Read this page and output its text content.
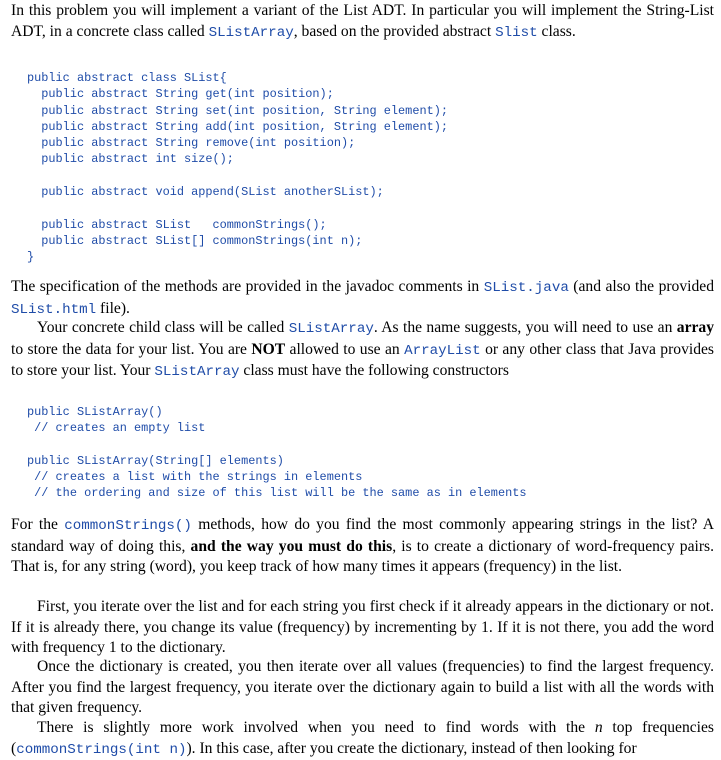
In this problem you will implement a variant of the List ADT. In particular you will implement the String-List ADT, in a concrete class called SListArray, based on the provided abstract Slist class.

public abstract class SList{
public abstract String get(int position);
public abstract String set(int position, String element);
public abstract String add(int position, String element);
public abstract String remove(int position);
public abstract int size();

public abstract void append(SList anotherSList);

public abstract SList   commonStrings();
public abstract SList[] commonStrings(int n);
}

The specification of the methods are provided in the javadoc comments in SList.java (and also the provided SList.html file).

Your concrete child class will be called SListArray. As the name suggests, you will need to use an array to store the data for your list. You are NOT allowed to use an ArrayList or any other class that Java provides to store your list. Your SListArray class must have the following constructors

public SListArray()
// creates an empty list

public SListArray(String[] elements)
// creates a list with the strings in elements
// the ordering and size of this list will be the same as in elements

For the commonStrings() methods, how do you find the most commonly appearing strings in the list? A standard way of doing this, and the way you must do this, is to create a dictionary of word-frequency pairs. That is, for any string (word), you keep track of how many times it appears (frequency) in the list.

First, you iterate over the list and for each string you first check if it already appears in the dictionary or not. If it is already there, you change its value (frequency) by incrementing by 1. If it is not there, you add the word with frequency 1 to the dictionary.

Once the dictionary is created, you then iterate over all values (frequencies) to find the largest frequency. After you find the largest frequency, you iterate over the dictionary again to build a list with all the words with that given frequency.

There is slightly more work involved when you need to find words with the n top frequencies (commonStrings(int n)). In this case, after you create the dictionary, instead of then looking for
